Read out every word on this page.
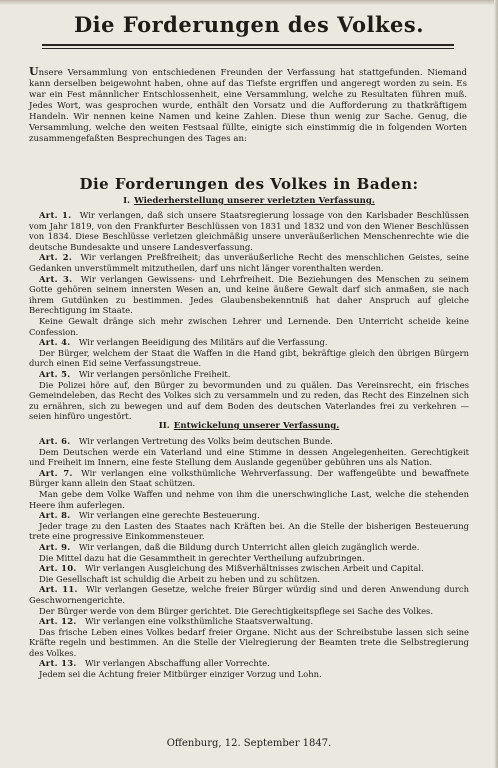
Die Forderungen des Volkes.
Unsere Versammlung von entschiedenen Freunden der Verfassung hat stattgefunden. Niemand kann derselben beigewohnt haben, ohne auf das Tiefste ergriffen und angeregt worden zu sein. Es war ein Fest männlicher Entschlossenheit, eine Versammlung, welche zu Resultaten führen muß. Jedes Wort, was gesprochen wurde, enthält den Vorsatz und die Aufforderung zu thatkräftigem Handeln. Wir nennen keine Namen und keine Zahlen. Diese thun wenig zur Sache. Genug, die Versammlung, welche den weiten Festsaal füllte, einigte sich einstimmig die in folgenden Worten zusammengefaßten Besprechungen des Tages an:
Die Forderungen des Volkes in Baden:
I. Wiederherstellung unserer verletzten Verfassung.

Art. 1.  Wir verlangen, daß sich unsere Staatsregierung lossage von den Karlsbader Beschlüssen vom Jahr 1819, von den Frankfurter Beschlüssen von 1831 und 1832 und von den Wiener Beschlüssen von 1834. Diese Beschlüsse verletzen gleichmäßig unsere unveräußerlichen Menschenrechte wie die deutsche Bundesakte und unsere Landesverfassung.

Art. 2.  Wir verlangen Preßfreiheit; das unveräußerliche Recht des menschlichen Geistes, seine Gedanken unverstümmelt mitzutheilen, darf uns nicht länger vorenthalten werden.

Art. 3.  Wir verlangen Gewissens- und Lehrfreiheit. Die Beziehungen des Menschen zu seinem Gotte gehören seinem innersten Wesen an, und keine äußere Gewalt darf sich anmaßen, sie nach ihrem Gutdünken zu bestimmen. Jedes Glaubensbekenntniß hat daher Anspruch auf gleiche Berechtigung im Staate.

Keine Gewalt dränge sich mehr zwischen Lehrer und Lernende. Den Unterricht scheide keine Confession.

Art. 4.  Wir verlangen Beeidigung des Militärs auf die Verfassung.

Der Bürger, welchem der Staat die Waffen in die Hand gibt, bekräftige gleich den übrigen Bürgern durch einen Eid seine Verfassungstreue.

Art. 5.  Wir verlangen persönliche Freiheit.

Die Polizei höre auf, den Bürger zu bevormunden und zu quälen. Das Vereinsrecht, ein frisches Gemeindeleben, das Recht des Volkes sich zu versammeln und zu reden, das Recht des Einzelnen sich zu ernähren, sich zu bewegen und auf dem Boden des deutschen Vaterlandes frei zu verkehren — seien hinfüro ungestört.

II. Entwickelung unserer Verfassung.

Art. 6.  Wir verlangen Vertretung des Volks beim deutschen Bunde.

Dem Deutschen werde ein Vaterland und eine Stimme in dessen Angelegenheiten. Gerechtigkeit und Freiheit im Innern, eine feste Stellung dem Auslande gegenüber gebühren uns als Nation.

Art. 7.  Wir verlangen eine volksthümliche Wehrverfassung. Der waffengeübte und bewaffnete Bürger kann allein den Staat schützen.

Man gebe dem Volke Waffen und nehme von ihm die unerschwingliche Last, welche die stehenden Heere ihm auferlegen.

Art. 8.  Wir verlangen eine gerechte Besteuerung.

Jeder trage zu den Lasten des Staates nach Kräften bei. An die Stelle der bisherigen Besteuerung trete eine progressive Einkommensteuer.

Art. 9.  Wir verlangen, daß die Bildung durch Unterricht allen gleich zugänglich werde.

Die Mittel dazu hat die Gesammtheit in gerechter Vertheilung aufzubringen.

Art. 10.  Wir verlangen Ausgleichung des Mißverhältnisses zwischen Arbeit und Capital.

Die Gesellschaft ist schuldig die Arbeit zu heben und zu schützen.

Art. 11.  Wir verlangen Gesetze, welche freier Bürger würdig sind und deren Anwendung durch Geschwornengerichte.

Der Bürger werde von dem Bürger gerichtet. Die Gerechtigkeitspflege sei Sache des Volkes.

Art. 12.  Wir verlangen eine volksthümliche Staatsverwaltung.

Das frische Leben eines Volkes bedarf freier Organe. Nicht aus der Schreibstube lassen sich seine Kräfte regeln und bestimmen. An die Stelle der Vielregierung der Beamten trete die Selbstregierung des Volkes.

Art. 13.  Wir verlangen Abschaffung aller Vorrechte.

Jedem sei die Achtung freier Mitbürger einziger Vorzug und Lohn.

Offenburg, 12. September 1847.
